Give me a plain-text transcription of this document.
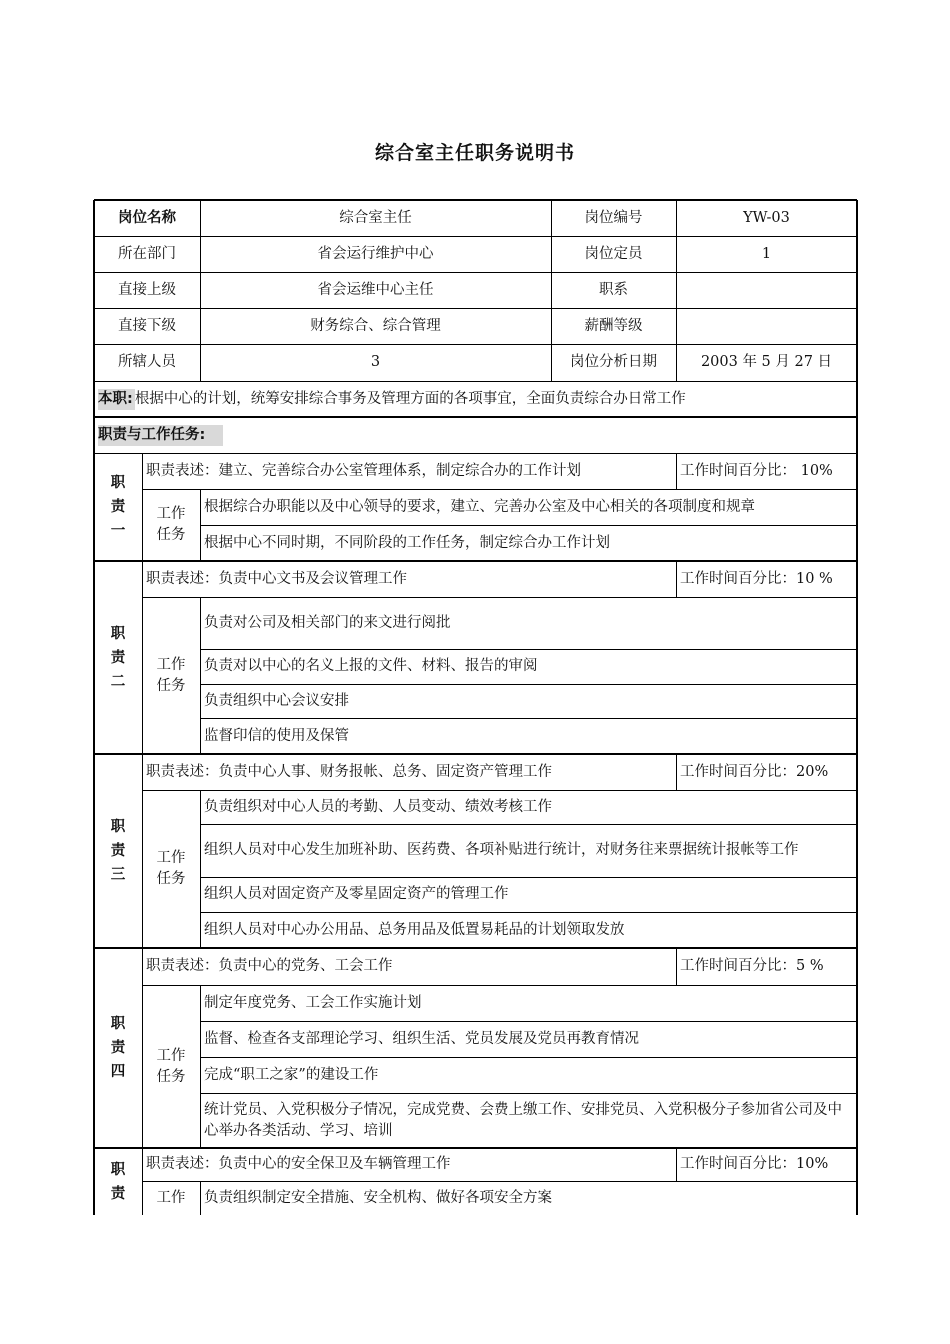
综合室主任职务说明书
岗位名称	综合室主任	岗位编号	YW-03
所在部门	省会运行维护中心	岗位定员	1
直接上级	省会运维中心主任	职系
直接下级	财务综合、综合管理	薪酬等级
所辖人员	3	岗位分析日期	2003 年 5 月 27 日
本职: 根据中心的计划，统筹安排综合事务及管理方面的各项事宜，全面负责综合办日常工作
职责与工作任务:
职
责
一
职责表述：建立、完善综合办公室管理体系，制定综合办的工作计划	工作时间百分比： 10%
工作
任务
根据综合办职能以及中心领导的要求，建立、完善办公室及中心相关的各项制度和规章
根据中心不同时期，不同阶段的工作任务，制定综合办工作计划
职
责
二
职责表述：负责中心文书及会议管理工作	工作时间百分比：10 %
工作
任务
负责对公司及相关部门的来文进行阅批
负责对以中心的名义上报的文件、材料、报告的审阅
负责组织中心会议安排
监督印信的使用及保管
职
责
三
职责表述：负责中心人事、财务报帐、总务、固定资产管理工作	工作时间百分比：20%
工作
任务
负责组织对中心人员的考勤、人员变动、绩效考核工作
组织人员对中心发生加班补助、医药费、各项补贴进行统计，对财务往来票据统计报帐等工作
组织人员对固定资产及零星固定资产的管理工作
组织人员对中心办公用品、总务用品及低置易耗品的计划领取发放
职
责
四
职责表述：负责中心的党务、工会工作	工作时间百分比：5 %
工作
任务
制定年度党务、工会工作实施计划
监督、检查各支部理论学习、组织生活、党员发展及党员再教育情况
完成“职工之家”的建设工作
统计党员、入党积极分子情况，完成党费、会费上缴工作、安排党员、入党积极分子参加省公司及中心举办各类活动、学习、培训
职
责
职责表述：负责中心的安全保卫及车辆管理工作	工作时间百分比：10%
工作 负责组织制定安全措施、安全机构、做好各项安全方案
